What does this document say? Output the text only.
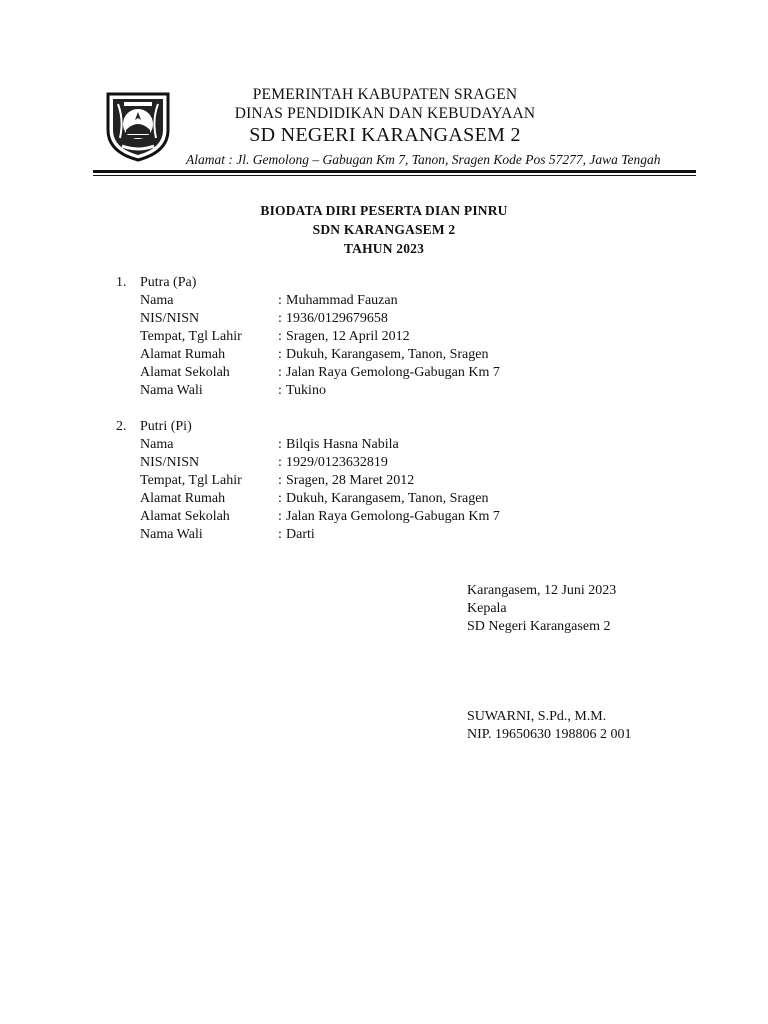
PEMERINTAH KABUPATEN SRAGEN
DINAS PENDIDIKAN DAN KEBUDAYAAN
SD NEGERI KARANGASEM 2
Alamat : Jl. Gemolong – Gabugan Km 7, Tanon, Sragen Kode Pos 57277, Jawa Tengah
BIODATA DIRI PESERTA DIAN PINRU
SDN KARANGASEM 2
TAHUN 2023
1. Putra (Pa)
Nama	: Muhammad Fauzan
NIS/NISN	: 1936/0129679658
Tempat, Tgl Lahir	: Sragen, 12 April 2012
Alamat Rumah	: Dukuh, Karangasem, Tanon, Sragen
Alamat Sekolah	: Jalan Raya Gemolong-Gabugan Km 7
Nama Wali	: Tukino
2. Putri (Pi)
Nama	: Bilqis Hasna Nabila
NIS/NISN	: 1929/0123632819
Tempat, Tgl Lahir	: Sragen, 28 Maret 2012
Alamat Rumah	: Dukuh, Karangasem, Tanon, Sragen
Alamat Sekolah	: Jalan Raya Gemolong-Gabugan Km 7
Nama Wali	: Darti
Karangasem, 12 Juni 2023
Kepala
SD Negeri Karangasem 2
SUWARNI, S.Pd., M.M.
NIP. 19650630 198806 2 001
